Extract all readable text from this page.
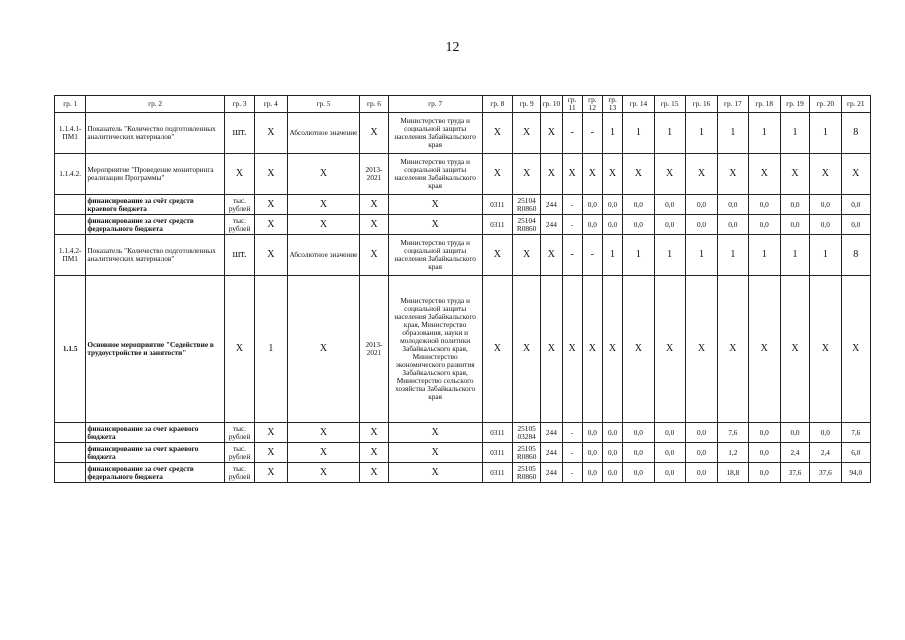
12
гр. 1	гр. 2	гр. 3	гр. 4	гр. 5	гр. 6	гр. 7	гр. 8	гр. 9	гр. 10	гр. 11	гр. 12	гр. 13	гр. 14	гр. 15	гр. 16	гр. 17	гр. 18	гр. 19	гр. 20	гр. 21
1.1.4.1-ПМ1	Показатель "Количество подготовленных аналитических материалов"	шт.	X	Абсолютное значение	X	Министерство труда и социальной защиты населения Забайкальского края	X	X	X	-	-	1	1	1	1	1	1	1	1	8
1.1.4.2.	Мероприятие "Проведение мониторинга реализации Программы"	X	X	X	2013-2021	Министерство труда и социальной защиты населения Забайкальского края	X	X	X	X	X	X	X	X	X	X	X	X	X	X
	финансирование за счёт средств краевого бюджета	тыс. рублей	X	X	X	X	0311	25104 R0860	244	-	0,0	0,0	0,0	0,0	0,0	0,0	0,0	0,0	0,0	0,0
	финансирование за счет средств федерального бюджета	тыс. рублей	X	X	X	X	0311	25104 R0860	244	-	0,0	0,0	0,0	0,0	0,0	0,0	0,0	0,0	0,0	0,0
1.1.4.2-ПМ1	Показатель "Количество подготовленных аналитических материалов"	шт.	X	Абсолютное значение	X	Министерство труда и социальной защиты населения Забайкальского края	X	X	X	-	-	1	1	1	1	1	1	1	1	8
1.1.5	Основное мероприятие "Содействие в трудоустройстве и занятости"	X	1	X	2013-2021	Министерство труда и социальной защиты населения Забайкальского края, Министерство образования, науки и молодежной политики Забайкальского края, Министерство экономического развития Забайкальского края, Министерство сельского хозяйства Забайкальского края	X	X	X	X	X	X	X	X	X	X	X	X	X	X
	финансирование за счет краевого бюджета	тыс. рублей	X	X	X	X	0311	25105 03284	244	-	0,0	0,0	0,0	0,0	0,0	7,6	0,0	0,0	0,0	7,6
	финансирование за счет краевого бюджета	тыс. рублей	X	X	X	X	0311	25105 R0860	244	-	0,0	0,0	0,0	0,0	0,0	1,2	0,0	2,4	2,4	6,0
	финансирование за счет средств федерального бюджета	тыс. рублей	X	X	X	X	0311	25105 R0860	244	-	0,0	0,0	0,0	0,0	0,0	18,8	0,0	37,6	37,6	94,0
